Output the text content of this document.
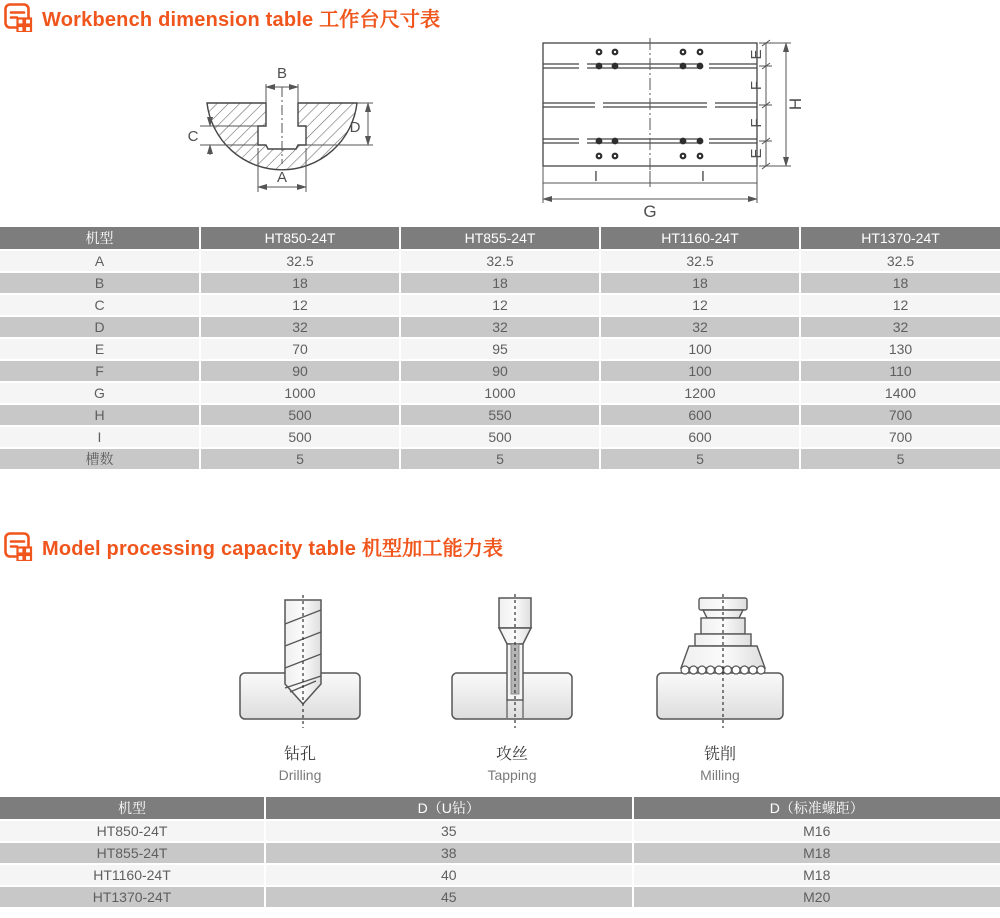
Workbench dimension table 工作台尺寸表
B
D
C
A
E
F
F
E
H
I	I
G
机型	HT850-24T	HT855-24T	HT1160-24T	HT1370-24T
A	32.5	32.5	32.5	32.5
B	18	18	18	18
C	12	12	12	12
D	32	32	32	32
E	70	95	100	130
F	90	90	100	110
G	1000	1000	1200	1400
H	500	550	600	700
I	500	500	600	700
槽数	5	5	5	5
Model processing capacity table 机型加工能力表
钻孔
Drilling
攻丝
Tapping
铣削
Milling
机型	D（U钻）	D（标准螺距）
HT850-24T	35	M16
HT855-24T	38	M18
HT1160-24T	40	M18
HT1370-24T	45	M20
